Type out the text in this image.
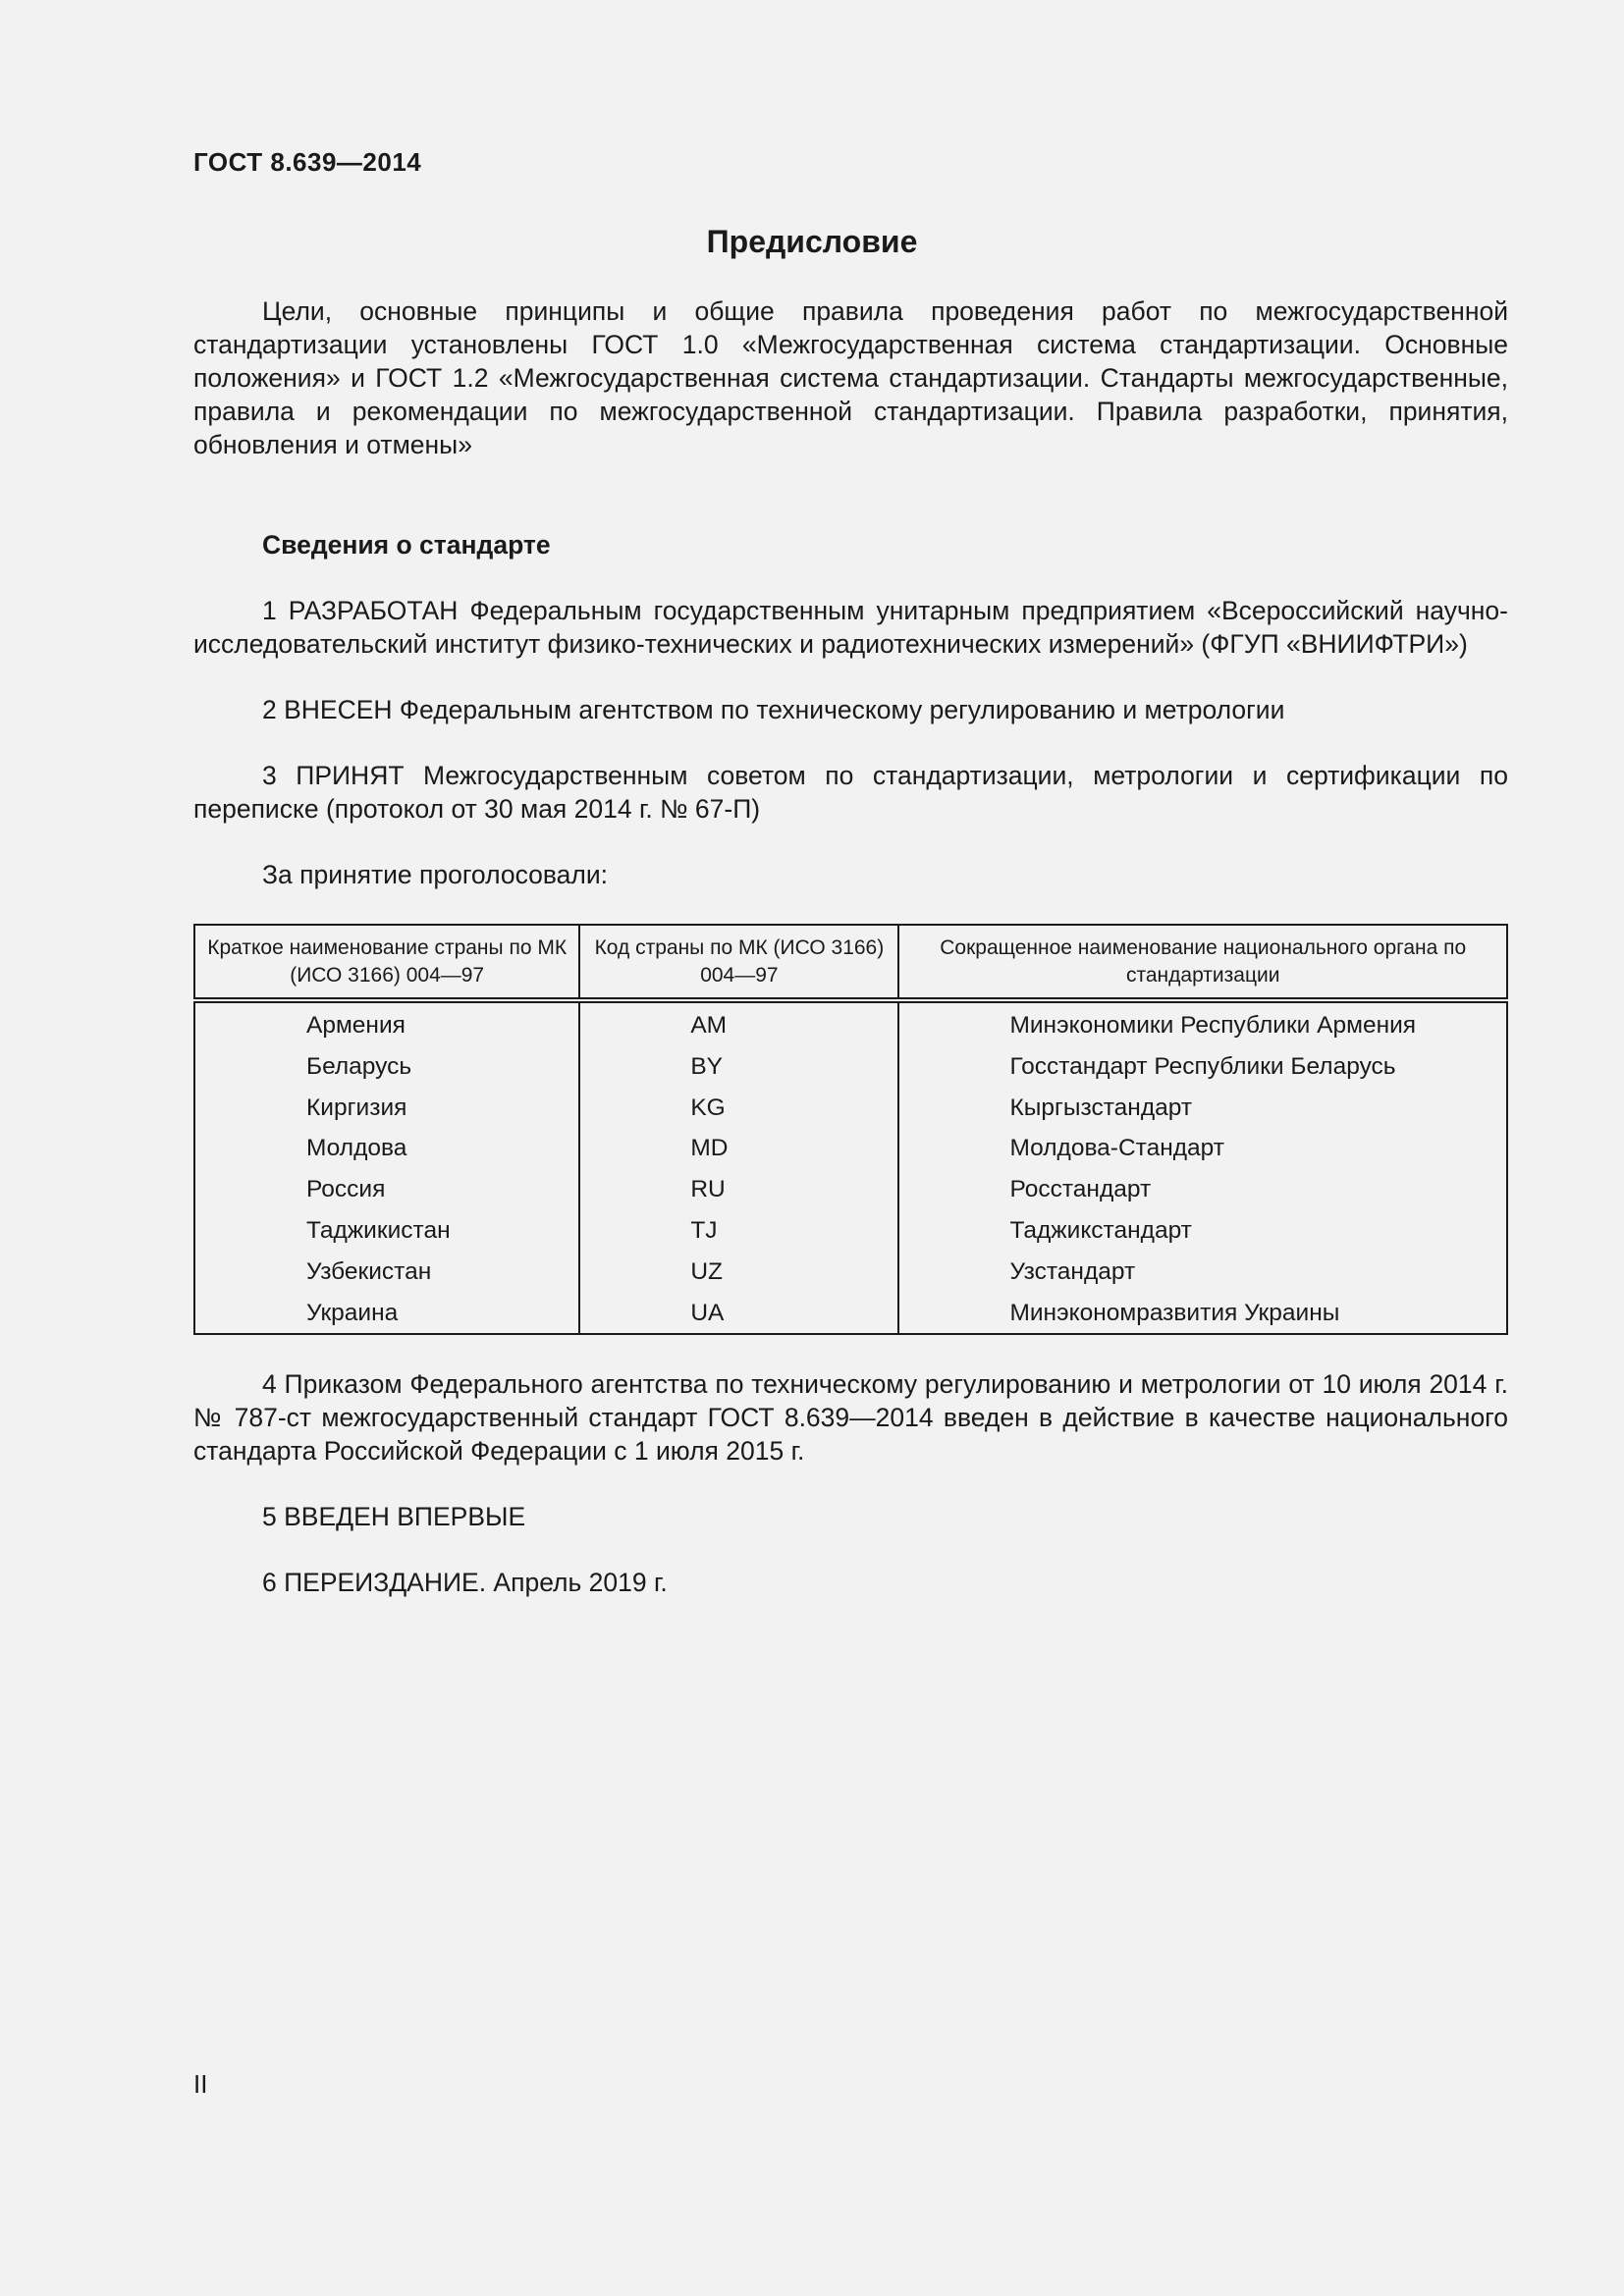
ГОСТ 8.639—2014
Предисловие

Цели, основные принципы и общие правила проведения работ по межгосударственной стандартизации установлены ГОСТ 1.0 «Межгосударственная система стандартизации. Основные положения» и ГОСТ 1.2 «Межгосударственная система стандартизации. Стандарты межгосударственные, правила и рекомендации по межгосударственной стандартизации. Правила разработки, принятия, обновления и отмены»

Сведения о стандарте

1 РАЗРАБОТАН Федеральным государственным унитарным предприятием «Всероссийский научно-исследовательский институт физико-технических и радиотехнических измерений» (ФГУП «ВНИИФТРИ»)

2 ВНЕСЕН Федеральным агентством по техническому регулированию и метрологии

3 ПРИНЯТ Межгосударственным советом по стандартизации, метрологии и сертификации по переписке (протокол от 30 мая 2014 г. № 67-П)

За принятие проголосовали:

Краткое наименование страны по МК (ИСО 3166) 004—97	Код страны по МК (ИСО 3166) 004—97	Сокращенное наименование национального органа по стандартизации
Армения	AM	Минэкономики Республики Армения
Беларусь	BY	Госстандарт Республики Беларусь
Киргизия	KG	Кыргызстандарт
Молдова	MD	Молдова-Стандарт
Россия	RU	Росстандарт
Таджикистан	TJ	Таджикстандарт
Узбекистан	UZ	Узстандарт
Украина	UA	Минэкономразвития Украины

4 Приказом Федерального агентства по техническому регулированию и метрологии от 10 июля 2014 г. № 787-ст межгосударственный стандарт ГОСТ 8.639—2014 введен в действие в качестве национального стандарта Российской Федерации с 1 июля 2015 г.

5 ВВЕДЕН ВПЕРВЫЕ

6 ПЕРЕИЗДАНИЕ. Апрель 2019 г.

II
